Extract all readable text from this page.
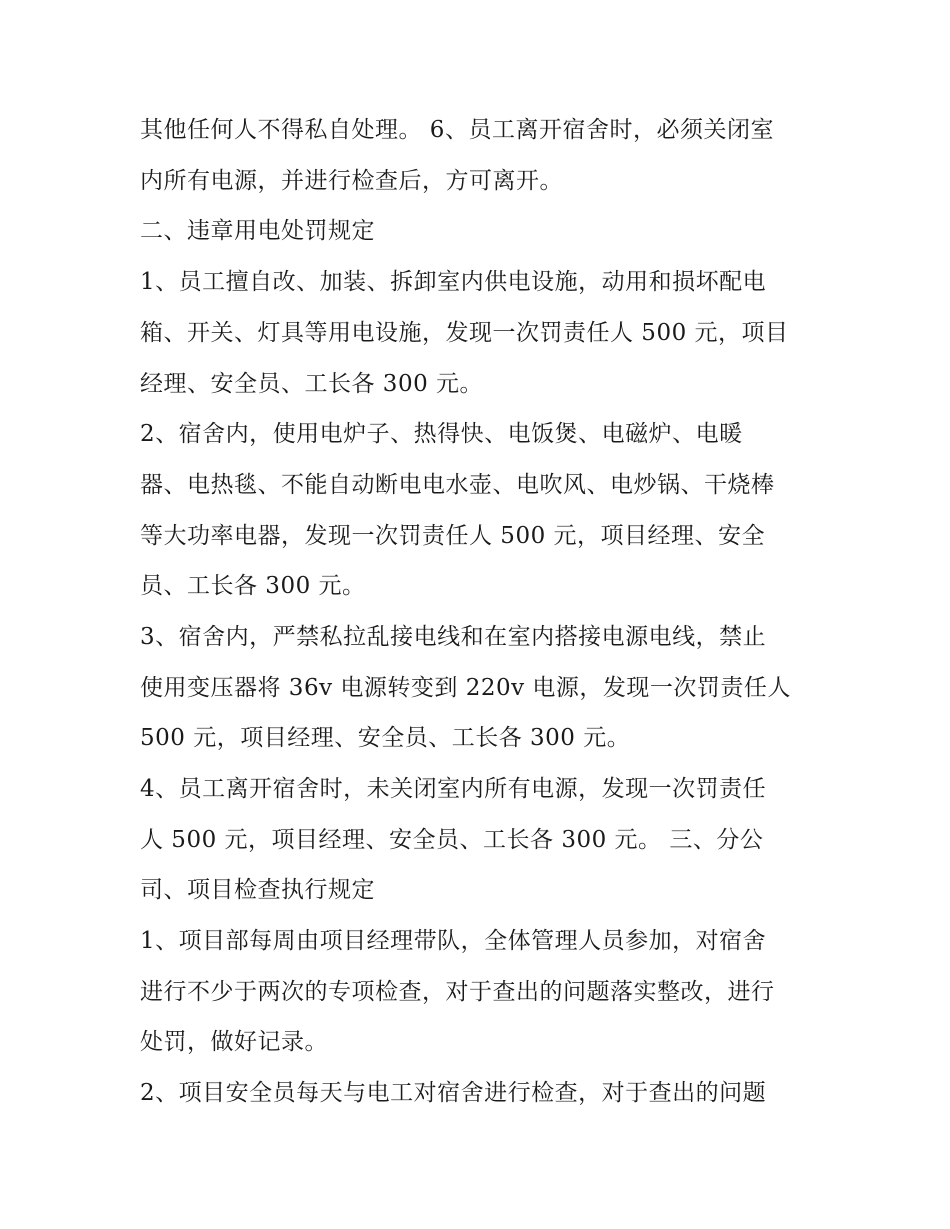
其他任何人不得私自处理。 6、员工离开宿舍时，必须关闭室
内所有电源，并进行检查后，方可离开。
二、违章用电处罚规定
1、员工擅自改、加装、拆卸室内供电设施，动用和损坏配电
箱、开关、灯具等用电设施，发现一次罚责任人 500 元，项目
经理、安全员、工长各 300 元。
2、宿舍内，使用电炉子、热得快、电饭煲、电磁炉、电暖
器、电热毯、不能自动断电电水壶、电吹风、电炒锅、干烧棒
等大功率电器，发现一次罚责任人 500 元，项目经理、安全
员、工长各 300 元。
3、宿舍内，严禁私拉乱接电线和在室内搭接电源电线，禁止
使用变压器将 36v 电源转变到 220v 电源，发现一次罚责任人
500 元，项目经理、安全员、工长各 300 元。
4、员工离开宿舍时，未关闭室内所有电源，发现一次罚责任
人 500 元，项目经理、安全员、工长各 300 元。 三、分公
司、项目检查执行规定
1、项目部每周由项目经理带队，全体管理人员参加，对宿舍
进行不少于两次的专项检查，对于查出的问题落实整改，进行
处罚，做好记录。
2、项目安全员每天与电工对宿舍进行检查，对于查出的问题
